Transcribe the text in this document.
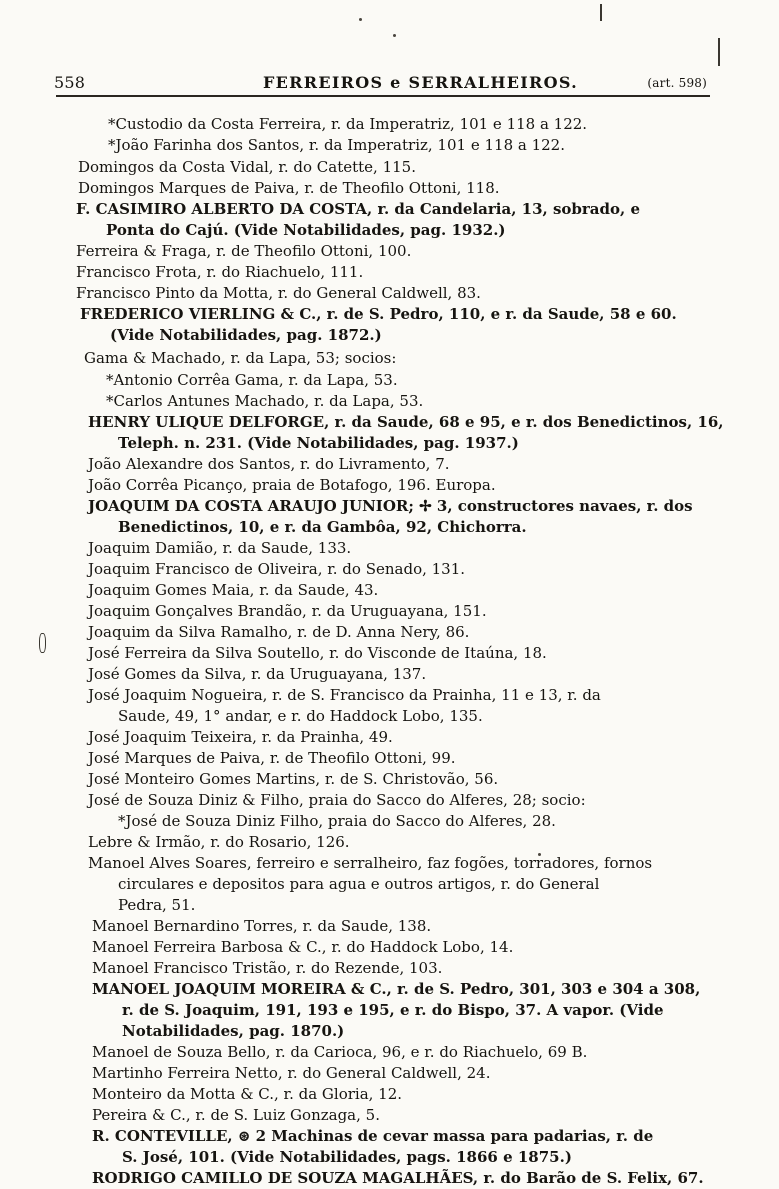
558	FERREIROS e SERRALHEIROS.	(art. 598)
*Custodio da Costa Ferreira, r. da Imperatriz, 101 e 118 a 122.
*João Farinha dos Santos, r. da Imperatriz, 101 e 118 a 122.
Domingos da Costa Vidal, r. do Catette, 115.
Domingos Marques de Paiva, r. de Theofilo Ottoni, 118.
F. CASIMIRO ALBERTO DA COSTA, r. da Candelaria, 13, sobrado, e
Ponta do Cajú. (Vide Notabilidades, pag. 1932.)
Ferreira & Fraga, r. de Theofilo Ottoni, 100.
Francisco Frota, r. do Riachuelo, 111.
Francisco Pinto da Motta, r. do General Caldwell, 83.
FREDERICO VIERLING & C., r. de S. Pedro, 110, e r. da Saude, 58 e 60.
(Vide Notabilidades, pag. 1872.)
Gama & Machado, r. da Lapa, 53; socios:
*Antonio Corrêa Gama, r. da Lapa, 53.
*Carlos Antunes Machado, r. da Lapa, 53.
HENRY ULIQUE DELFORGE, r. da Saude, 68 e 95, e r. dos Benedictinos, 16,
Teleph. n. 231. (Vide Notabilidades, pag. 1937.)
João Alexandre dos Santos, r. do Livramento, 7.
João Corrêa Picanço, praia de Botafogo, 196. Europa.
JOAQUIM DA COSTA ARAUJO JUNIOR; ✢ 3, constructores navaes, r. dos
Benedictinos, 10, e r. da Gambôa, 92, Chichorra.
Joaquim Damião, r. da Saude, 133.
Joaquim Francisco de Oliveira, r. do Senado, 131.
Joaquim Gomes Maia, r. da Saude, 43.
Joaquim Gonçalves Brandão, r. da Uruguayana, 151.
Joaquim da Silva Ramalho, r. de D. Anna Nery, 86.
José Ferreira da Silva Soutello, r. do Visconde de Itaúna, 18.
José Gomes da Silva, r. da Uruguayana, 137.
José Joaquim Nogueira, r. de S. Francisco da Prainha, 11 e 13, r. da
Saude, 49, 1° andar, e r. do Haddock Lobo, 135.
José Joaquim Teixeira, r. da Prainha, 49.
José Marques de Paiva, r. de Theofilo Ottoni, 99.
José Monteiro Gomes Martins, r. de S. Christovão, 56.
José de Souza Diniz & Filho, praia do Sacco do Alferes, 28; socio:
*José de Souza Diniz Filho, praia do Sacco do Alferes, 28.
Lebre & Irmão, r. do Rosario, 126.
Manoel Alves Soares, ferreiro e serralheiro, faz fogões, torradores, fornos
circulares e depositos para agua e outros artigos, r. do General
Pedra, 51.
Manoel Bernardino Torres, r. da Saude, 138.
Manoel Ferreira Barbosa & C., r. do Haddock Lobo, 14.
Manoel Francisco Tristão, r. do Rezende, 103.
MANOEL JOAQUIM MOREIRA & C., r. de S. Pedro, 301, 303 e 304 a 308,
r. de S. Joaquim, 191, 193 e 195, e r. do Bispo, 37. A vapor. (Vide
Notabilidades, pag. 1870.)
Manoel de Souza Bello, r. da Carioca, 96, e r. do Riachuelo, 69 B.
Martinho Ferreira Netto, r. do General Caldwell, 24.
Monteiro da Motta & C., r. da Gloria, 12.
Pereira & C., r. de S. Luiz Gonzaga, 5.
R. CONTEVILLE, ⊛ 2 Machinas de cevar massa para padarias, r. de
S. José, 101. (Vide Notabilidades, pags. 1866 e 1875.)
RODRIGO CAMILLO DE SOUZA MAGALHÃES, r. do Barão de S. Felix, 67.
